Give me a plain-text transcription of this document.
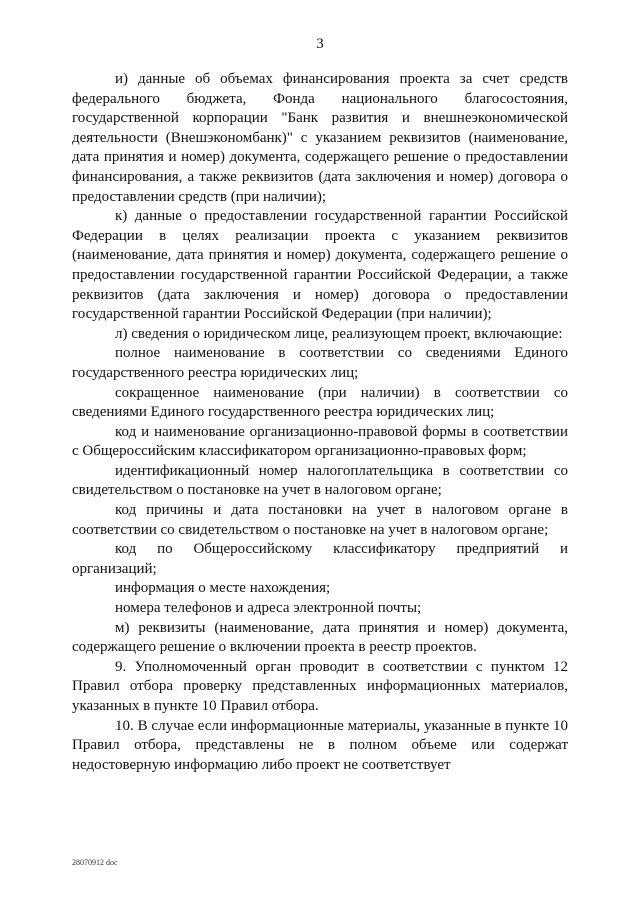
3

и) данные об объемах финансирования проекта за счет средств федерального бюджета, Фонда национального благосостояния, государственной корпорации "Банк развития и внешнеэкономической деятельности (Внешэкономбанк)" с указанием реквизитов (наименование, дата принятия и номер) документа, содержащего решение о предоставлении финансирования, а также реквизитов (дата заключения и номер) договора о предоставлении средств (при наличии);

к) данные о предоставлении государственной гарантии Российской Федерации в целях реализации проекта с указанием реквизитов (наименование, дата принятия и номер) документа, содержащего решение о предоставлении государственной гарантии Российской Федерации, а также реквизитов (дата заключения и номер) договора о предоставлении государственной гарантии Российской Федерации (при наличии);

л) сведения о юридическом лице, реализующем проект, включающие:

полное наименование в соответствии со сведениями Единого государственного реестра юридических лиц;

сокращенное наименование (при наличии) в соответствии со сведениями Единого государственного реестра юридических лиц;

код и наименование организационно-правовой формы в соответствии с Общероссийским классификатором организационно-правовых форм;

идентификационный номер налогоплательщика в соответствии со свидетельством о постановке на учет в налоговом органе;

код причины и дата постановки на учет в налоговом органе в соответствии со свидетельством о постановке на учет в налоговом органе;

код по Общероссийскому классификатору предприятий и организаций;

информация о месте нахождения;

номера телефонов и адреса электронной почты;

м) реквизиты (наименование, дата принятия и номер) документа, содержащего решение о включении проекта в реестр проектов.

9. Уполномоченный орган проводит в соответствии с пунктом 12 Правил отбора проверку представленных информационных материалов, указанных в пункте 10 Правил отбора.

10. В случае если информационные материалы, указанные в пункте 10 Правил отбора, представлены не в полном объеме или содержат недостоверную информацию либо проект не соответствует

28070912 doc
